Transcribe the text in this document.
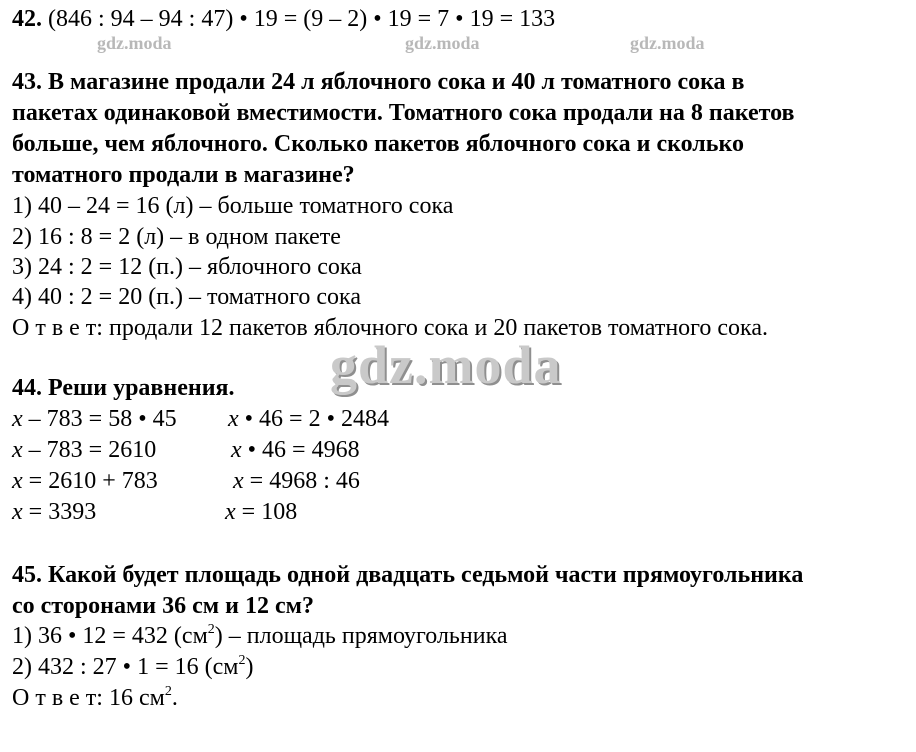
gdz.moda	gdz.moda	gdz.moda
gdz.moda
42. (846 : 94 – 94 : 47) • 19 = (9 – 2) • 19 = 7 • 19 = 133
43. В магазине продали 24 л яблочного сока и 40 л томатного сока в
пакетах одинаковой вместимости. Томатного сока продали на 8 пакетов
больше, чем яблочного. Сколько пакетов яблочного сока и сколько
томатного продали в магазине?
1) 40 – 24 = 16 (л) – больше томатного сока
2) 16 : 8 = 2 (л) – в одном пакете
3) 24 : 2 = 12 (п.) – яблочного сока
4) 40 : 2 = 20 (п.) – томатного сока
О т в е т: продали 12 пакетов яблочного сока и 20 пакетов томатного сока.
44. Реши уравнения.
x – 783 = 58 • 45
x – 783 = 2610
x = 2610 + 783
x = 3393
x • 46 = 2 • 2484
x • 46 = 4968
x = 4968 : 46
x = 108
45. Какой будет площадь одной двадцать седьмой части прямоугольника
со сторонами 36 см и 12 см?
1) 36 • 12 = 432 $(см^2)$ – площадь прямоугольника
2) 432 : 27 • 1 = 16 $(см^2)$
О т в е т: 16 $см^2$.
